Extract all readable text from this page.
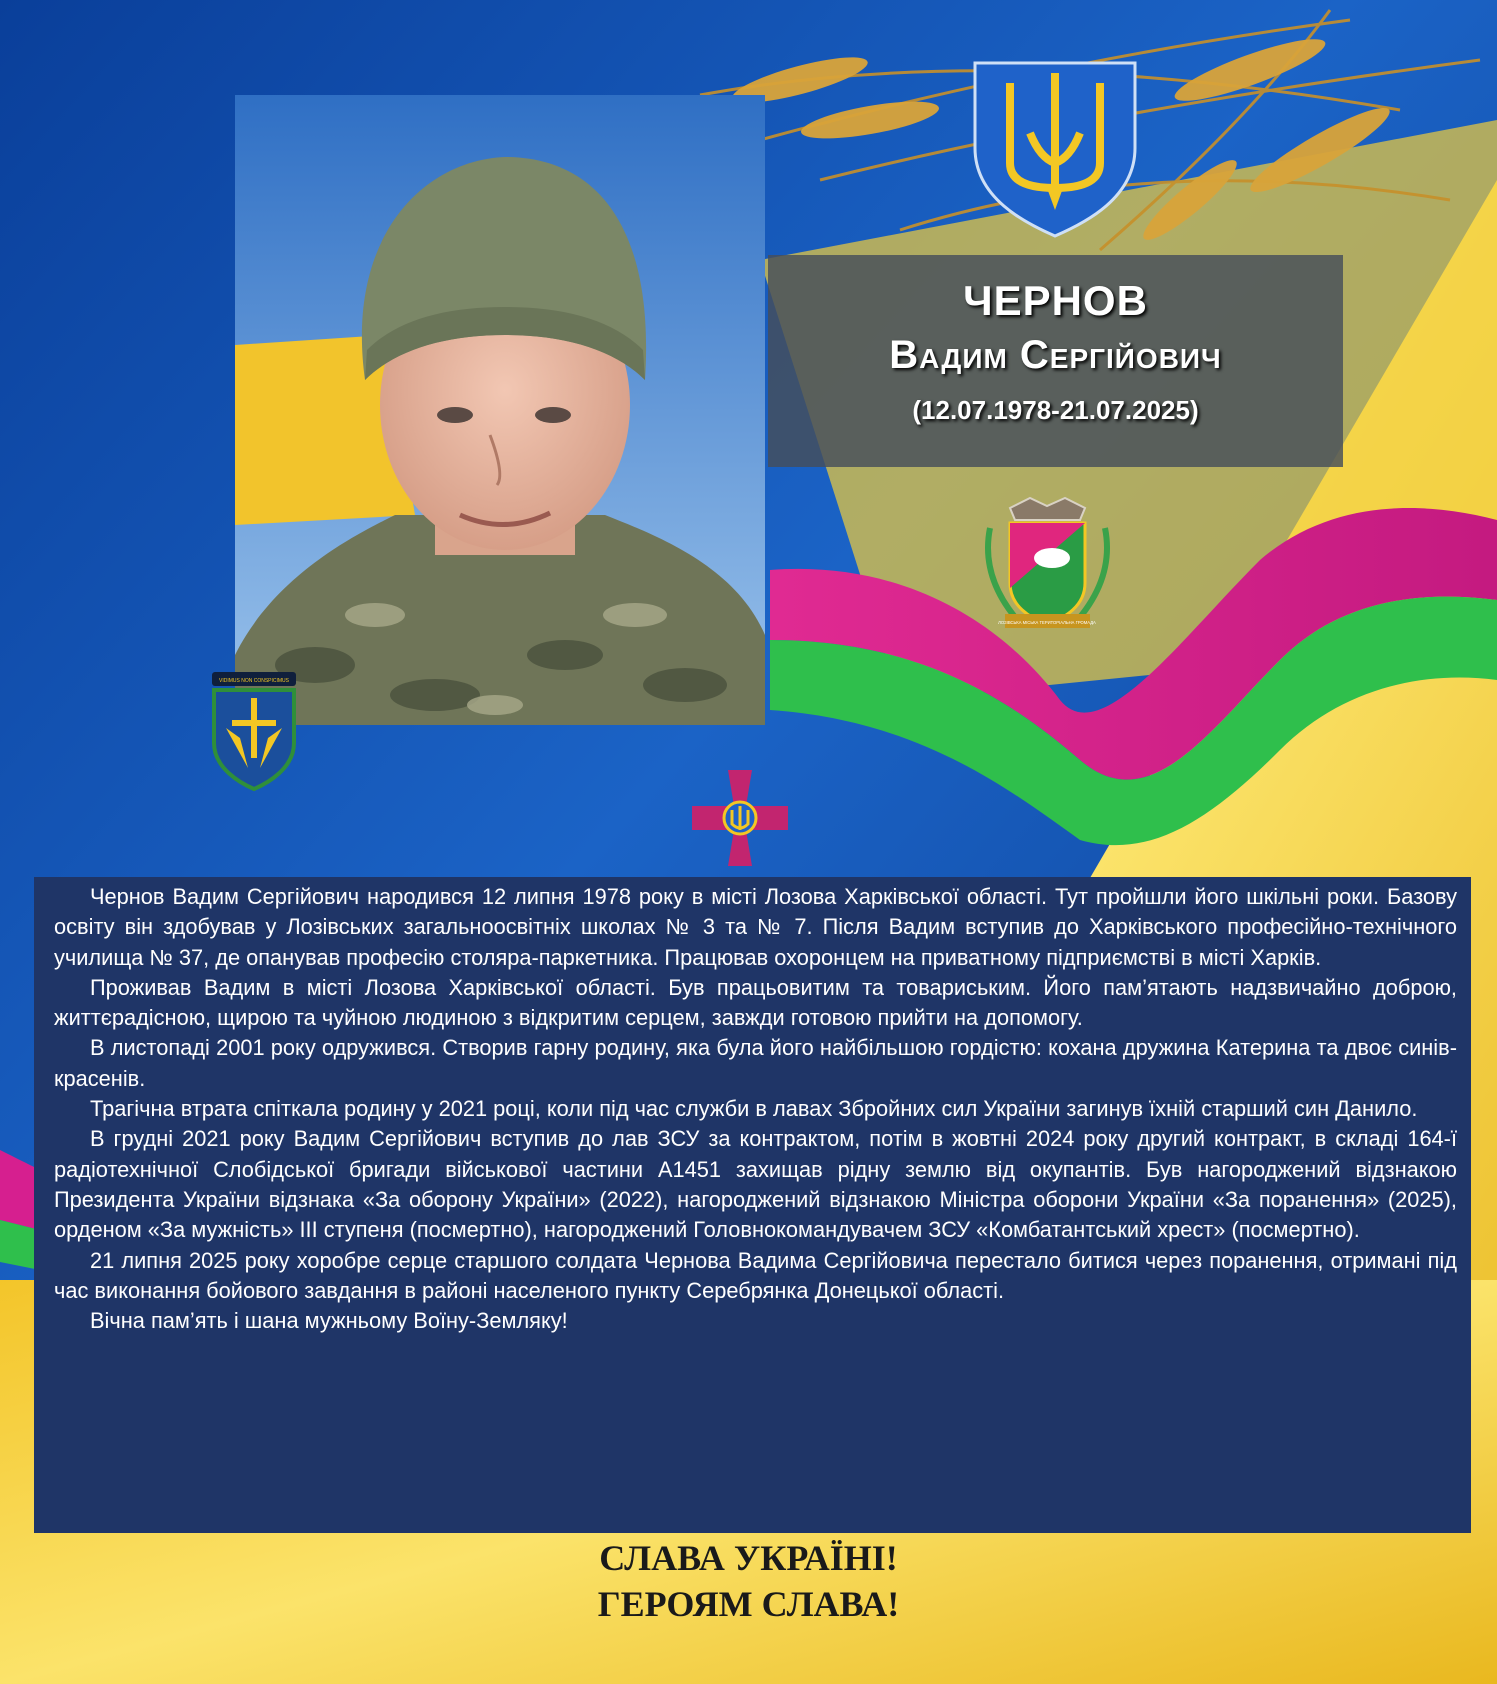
ЧЕРНОВ
Вадим Сергійович
(12.07.1978-21.07.2025)
ЛОЗІВСЬКА МІСЬКА ТЕРИТОРІАЛЬНА ГРОМАДА
VIDIMUS NON CONSPICIMUS

Чернов Вадим Сергійович народився 12 липня 1978 року в місті Лозова Харківської області. Тут пройшли його шкільні роки. Базову освіту він здобував у Лозівських загальноосвітніх школах № 3 та № 7. Після Вадим вступив до Харківського професійно-технічного училища № 37, де опанував професію столяра-паркетника. Працював охоронцем на приватному підприємстві в місті Харків.

Проживав Вадим в місті Лозова Харківської області. Був працьовитим та товариським. Його пам’ятають надзвичайно доброю, життєрадісною, щирою та чуйною людиною з відкритим серцем, завжди готовою прийти на допомогу.

В листопаді 2001 року одружився. Створив гарну родину, яка була його найбільшою гордістю: кохана дружина Катерина та двоє синів-красенів.

Трагічна втрата спіткала родину у 2021 році, коли під час служби в лавах Збройних сил України загинув їхній старший син Данило.

В грудні 2021 року Вадим Сергійович вступив до лав ЗСУ за контрактом, потім в жовтні 2024 року другий контракт, в складі 164-ї радіотехнічної Слобідської бригади військової частини А1451 захищав рідну землю від окупантів. Був нагороджений відзнакою Президента України відзнака «За оборону України» (2022), нагороджений відзнакою Міністра оборони України «За поранення» (2025), орденом «За мужність» ІІІ ступеня (посмертно), нагороджений Головнокомандувачем ЗСУ «Комбатантський хрест» (посмертно).

21 липня 2025 року хоробре серце старшого солдата Чернова Вадима Сергійовича перестало битися через поранення, отримані під час виконання бойового завдання в районі населеного пункту Серебрянка Донецької області.

Вічна пам’ять і шана мужньому Воїну-Земляку!

СЛАВА УКРАЇНІ!
ГЕРОЯМ СЛАВА!
